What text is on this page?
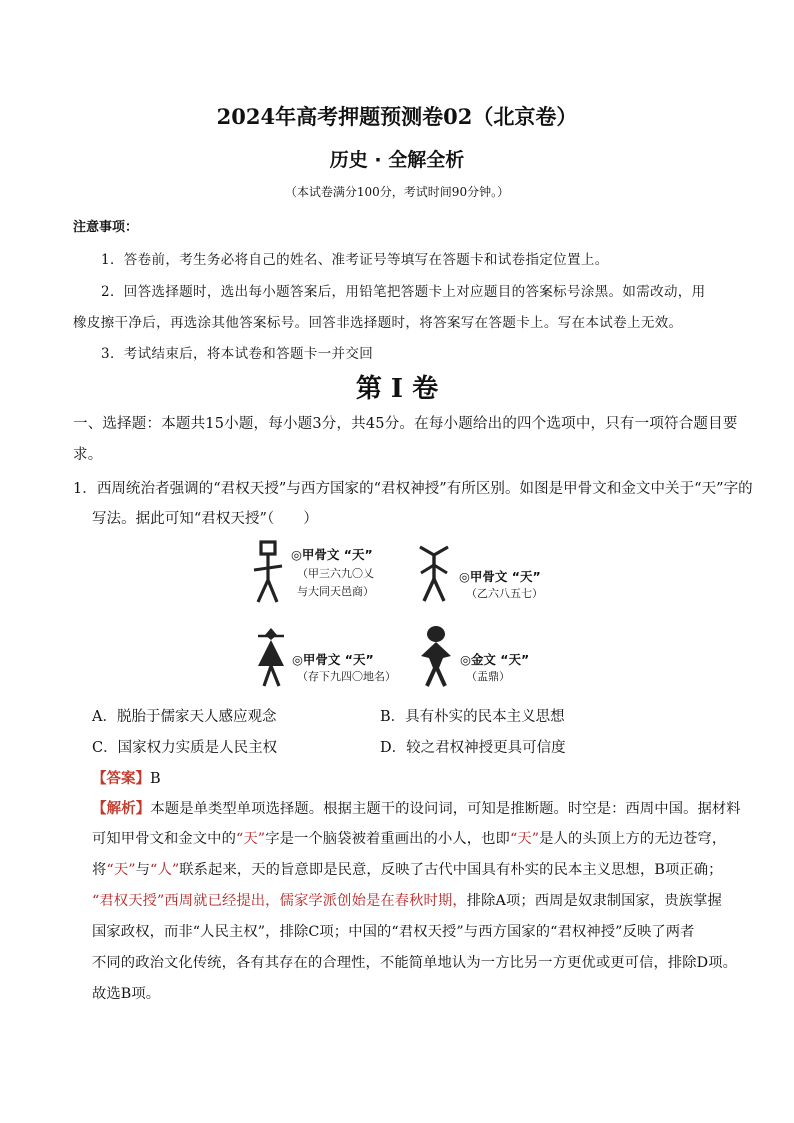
2024年高考押题预测卷02（北京卷）
历史 · 全解全析
（本试卷满分100分，考试时间90分钟。）
注意事项：
1．答卷前，考生务必将自己的姓名、准考证号等填写在答题卡和试卷指定位置上。
2．回答选择题时，选出每小题答案后，用铅笔把答题卡上对应题目的答案标号涂黑。如需改动，用
橡皮擦干净后，再选涂其他答案标号。回答非选择题时，将答案写在答题卡上。写在本试卷上无效。
3．考试结束后，将本试卷和答题卡一并交回
第 I 卷
一、选择题：本题共15小题，每小题3分，共45分。在每小题给出的四个选项中，只有一项符合题目要
求。
1．西周统治者强调的“君权天授”与西方国家的“君权神授”有所区别。如图是甲骨文和金文中关于“天”字的
写法。据此可知“君权天授”（　　）
◎甲骨文 “天”
（甲三六九〇乂
与大同天邑商）
◎甲骨文 “天”
（乙六八五七）
◎甲骨文 “天”
（存下九四〇地名）
◎金文 “天”
（盂鼎）
A．脱胎于儒家天人感应观念	B．具有朴实的民本主义思想
C．国家权力实质是人民主权	D．较之君权神授更具可信度
【答案】B
【解析】本题是单类型单项选择题。根据主题干的设问词，可知是推断题。时空是：西周中国。据材料
可知甲骨文和金文中的“天”字是一个脑袋被着重画出的小人，也即“天”是人的头顶上方的无边苍穹，
将“天”与“人”联系起来，天的旨意即是民意，反映了古代中国具有朴实的民本主义思想，B项正确；
“君权天授”西周就已经提出，儒家学派创始是在春秋时期，排除A项；西周是奴隶制国家，贵族掌握
国家政权，而非“人民主权”，排除C项；中国的“君权天授”与西方国家的“君权神授”反映了两者
不同的政治文化传统，各有其存在的合理性，不能简单地认为一方比另一方更优或更可信，排除D项。
故选B项。
